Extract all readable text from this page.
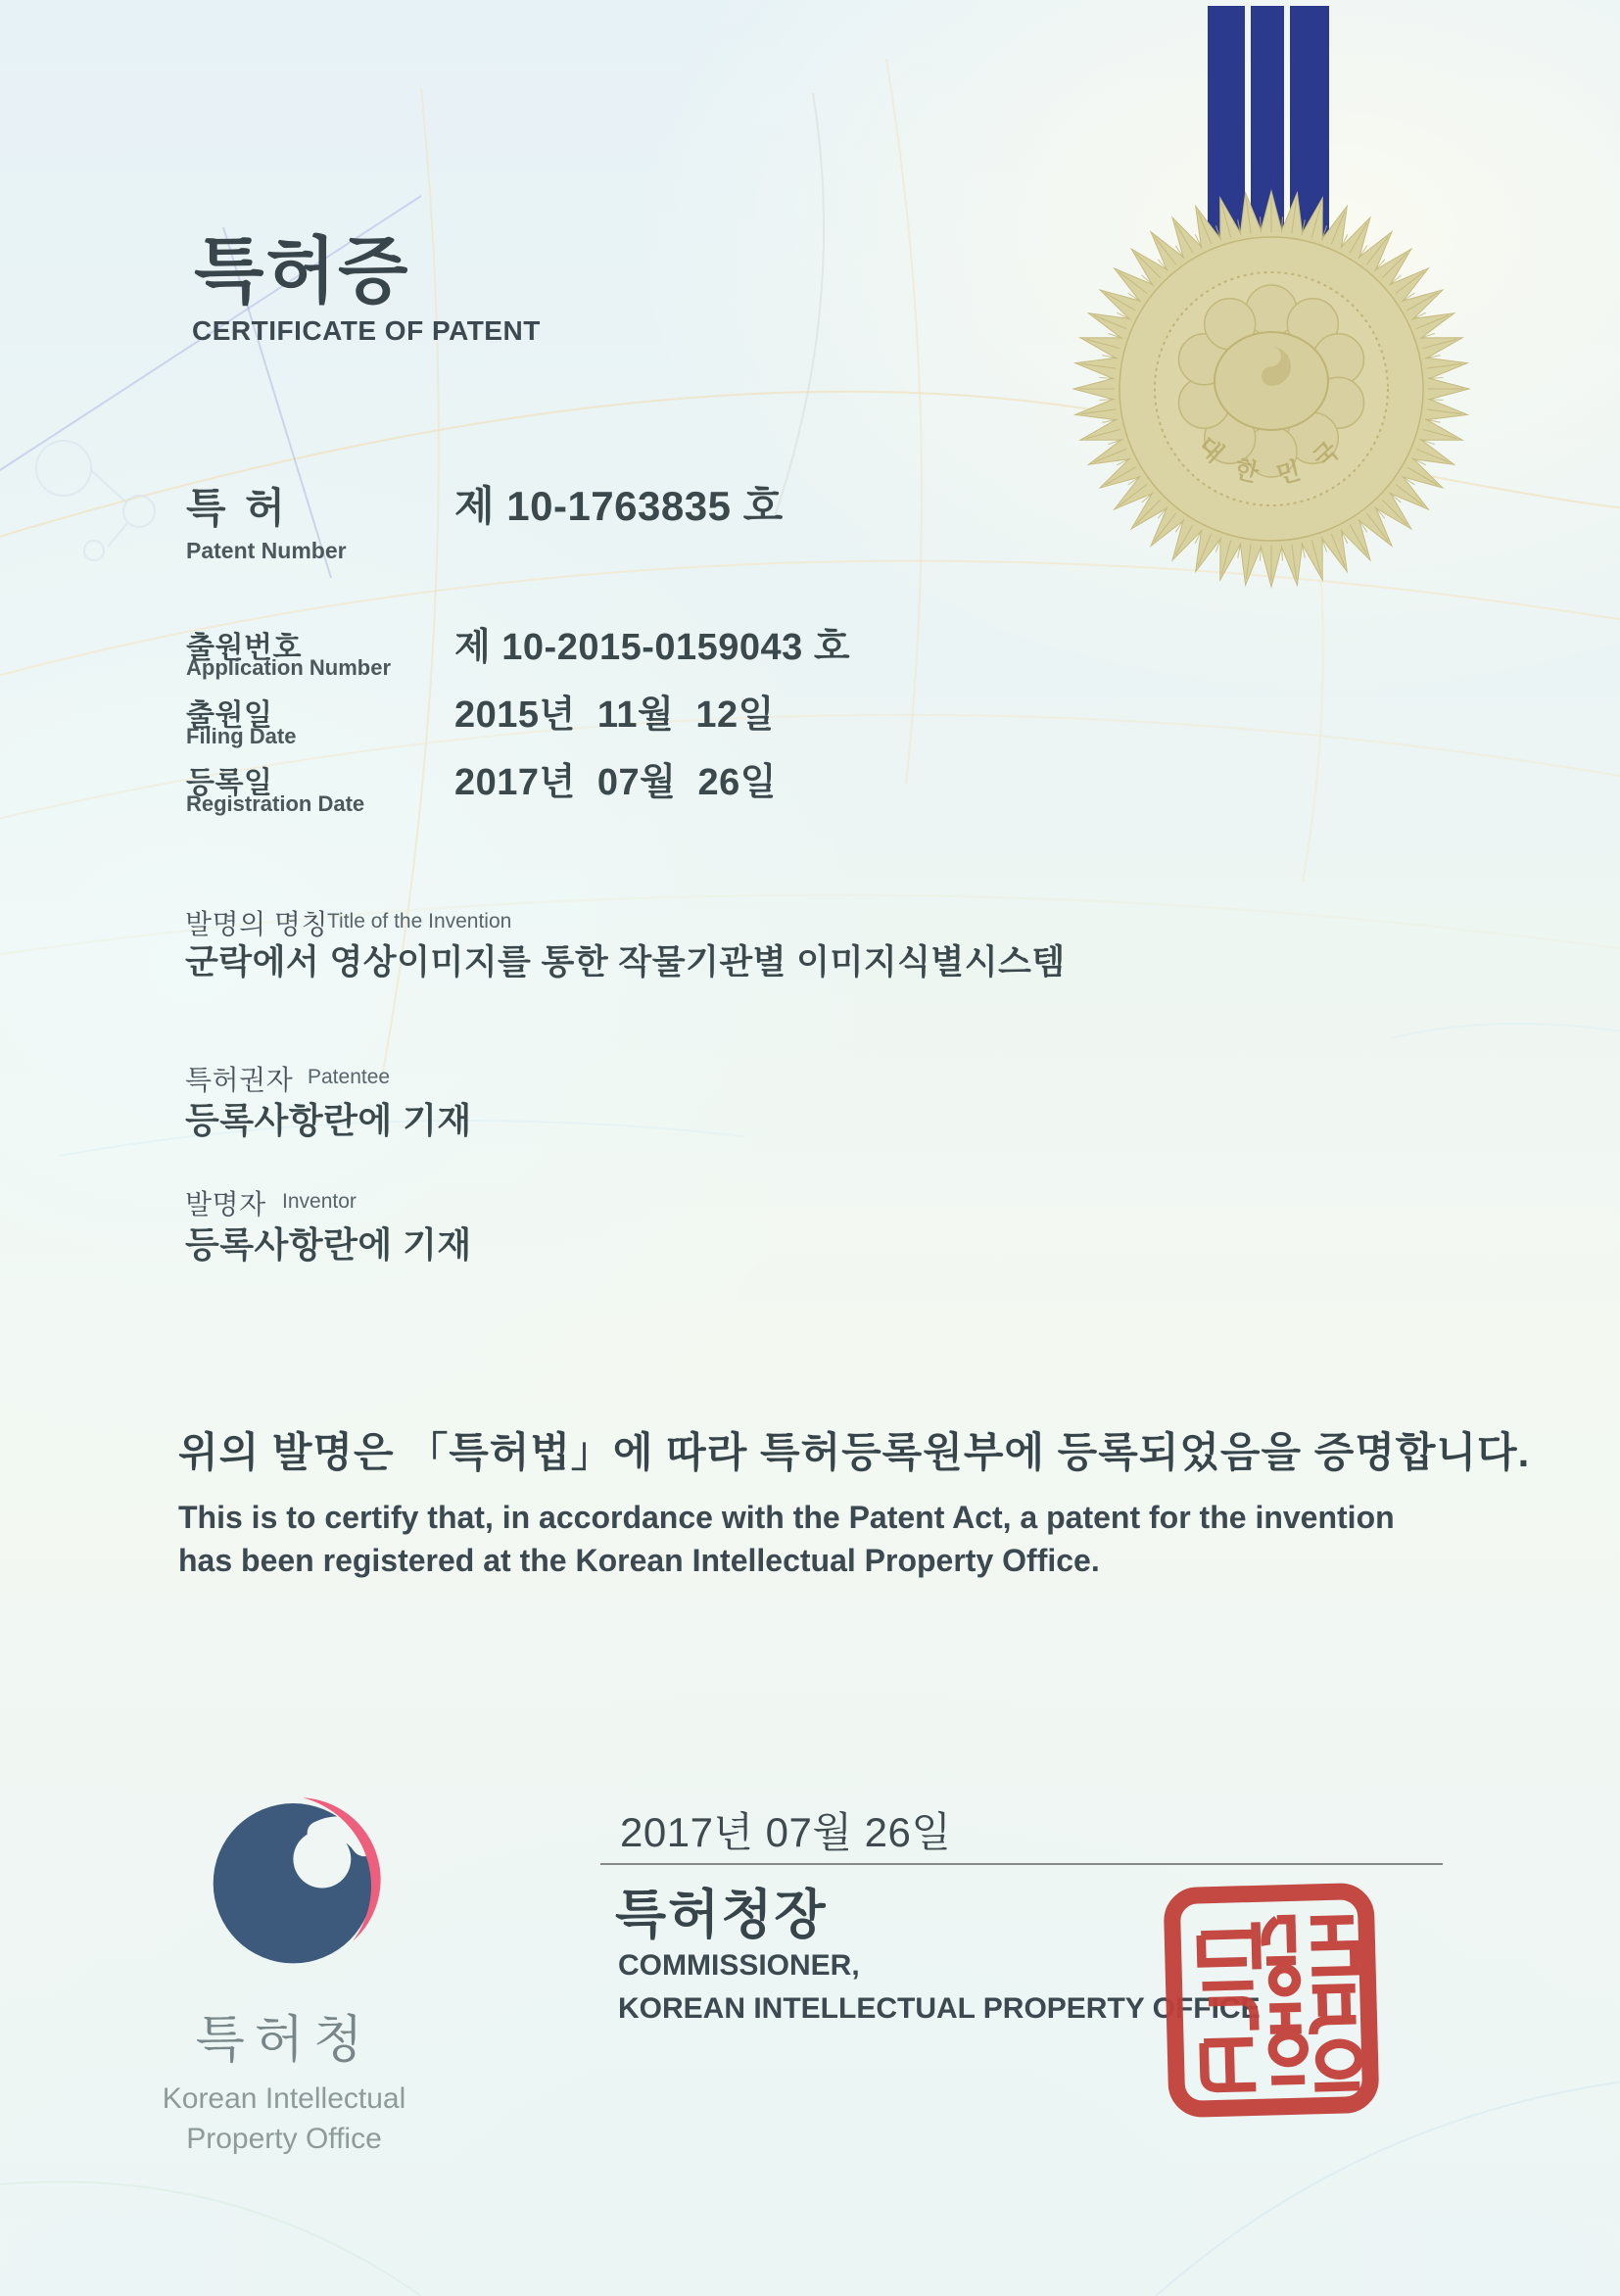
대 한 민 국
특허증
CERTIFICATE OF PATENT
특 허
Patent Number
제 10-1763835 호
출원번호
Application Number 제 10-2015-0159043 호
출원일
Filing Date
2015년  11월  12일
등록일
Registration Date
2017년  07월  26일
발명의 명칭
Title of the Invention
군락에서 영상이미지를 통한 작물기관별 이미지식별시스템
특허권자 Patentee
등록사항란에 기재
발명자 Inventor
등록사항란에 기재
위의 발명은 「특허법」에 따라 특허등록원부에 등록되었음을 증명합니다.
This is to certify that, in accordance with the Patent Act, a patent for the invention
has been registered at the Korean Intellectual Property Office.
2017년 07월 26일
특허청장
COMMISSIONER,
KOREAN INTELLECTUAL PROPERTY OFFICE
특허청
Korean Intellectual
Property Office
